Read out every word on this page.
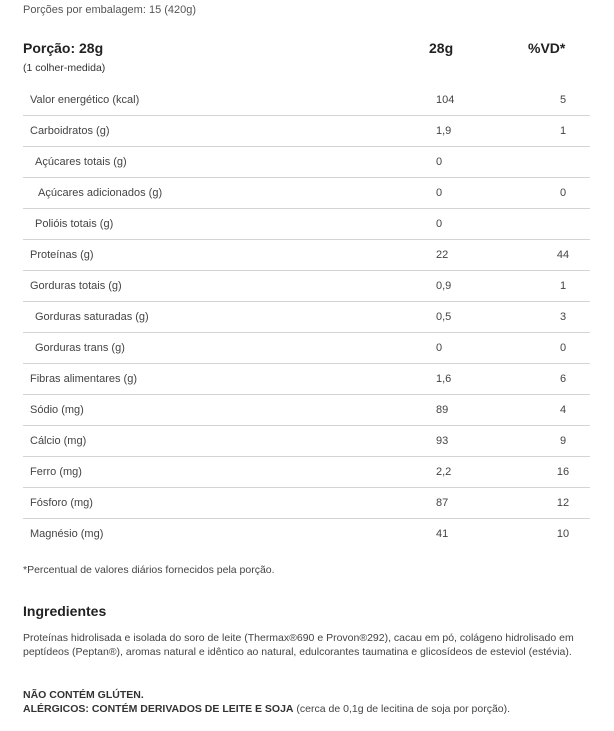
Porções por embalagem: 15 (420g)
Porção: 28g
(1 colher-medida)
28g	%VD*
Valor energético (kcal)	104	5
Carboidratos (g)	1,9	1
Açúcares totais (g)	0
Açúcares adicionados (g)	0	0
Polióis totais (g)	0
Proteínas (g)	22	44
Gorduras totais (g)	0,9	1
Gorduras saturadas (g)	0,5	3
Gorduras trans (g)	0	0
Fibras alimentares (g)	1,6	6
Sódio (mg)	89	4
Cálcio (mg)	93	9
Ferro (mg)	2,2	16
Fósforo (mg)	87	12
Magnésio (mg)	41	10
*Percentual de valores diários fornecidos pela porção.
Ingredientes
Proteínas hidrolisada e isolada do soro de leite (Thermax®690 e Provon®292), cacau em pó, colágeno hidrolisado em peptídeos (Peptan®), aromas natural e idêntico ao natural, edulcorantes taumatina e glicosídeos de esteviol (estévia).
NÃO CONTÉM GLÚTEN.
ALÉRGICOS: CONTÉM DERIVADOS DE LEITE E SOJA (cerca de 0,1g de lecitina de soja por porção).
